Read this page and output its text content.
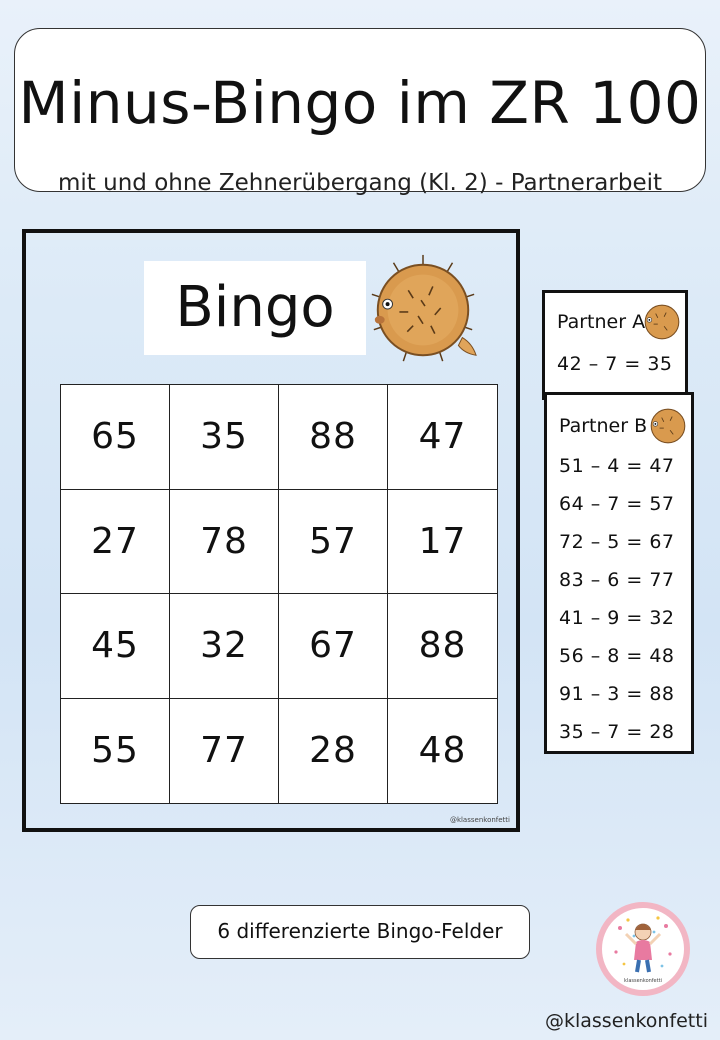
Minus-Bingo im ZR 100
mit und ohne Zehnerübergang (Kl. 2) - Partnerarbeit
Bingo
65	35	88	47
27	78	57	17
45	32	67	88
55	77	28	48
@klassenkonfetti
Partner A
42 – 7 = 35
Partner B
51 – 4 = 47
64 – 7 = 57
72 – 5 = 67
83 – 6 = 77
41 – 9 = 32
56 – 8 = 48
91 – 3 = 88
35 – 7 = 28
6 differenzierte Bingo-Felder
klassenkonfetti
@klassenkonfetti
